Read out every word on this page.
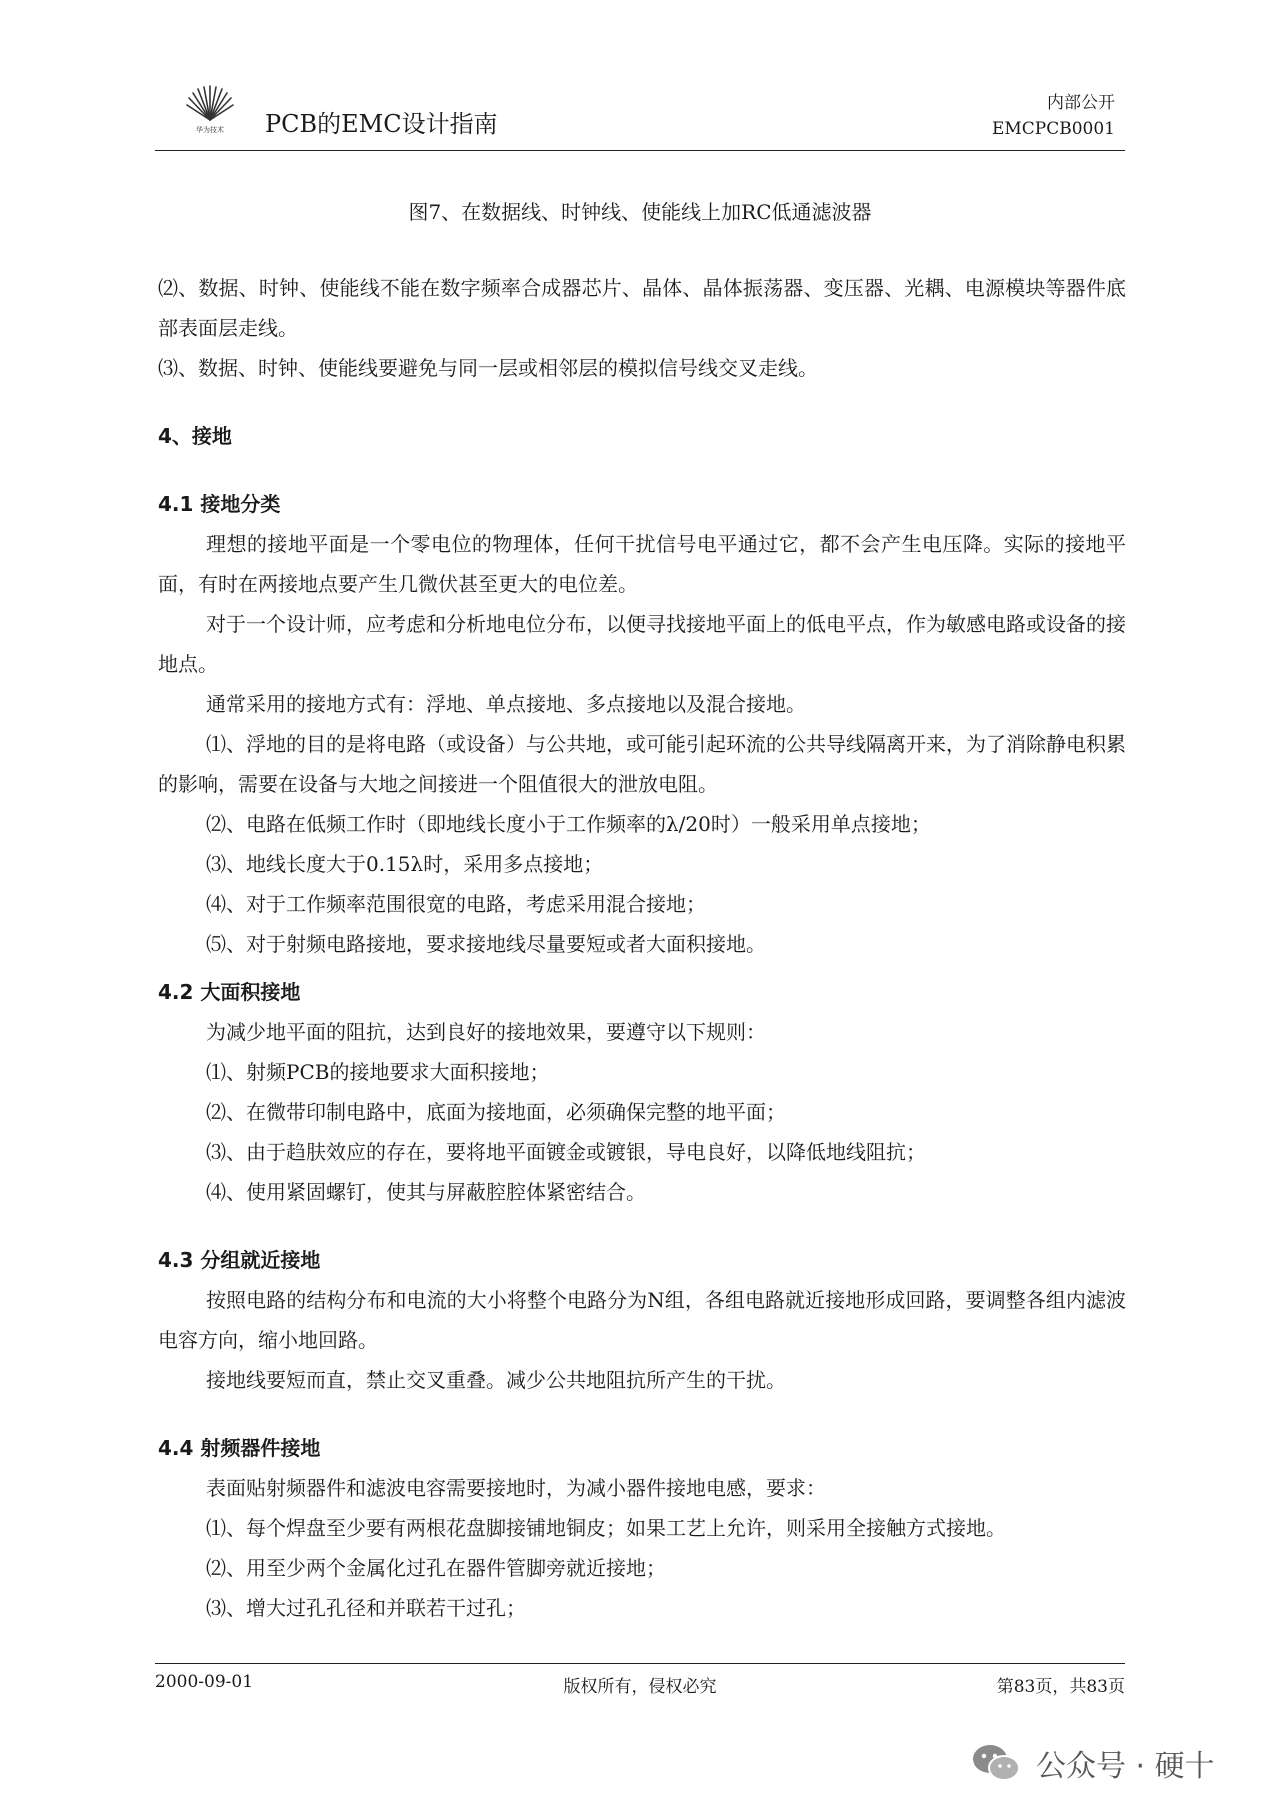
华为技术 PCB的EMC设计指南
内部公开
EMCPCB0001
图7、在数据线、时钟线、使能线上加RC低通滤波器

⑵、数据、时钟、使能线不能在数字频率合成器芯片、晶体、晶体振荡器、变压器、光耦、电源模块等器件底部表面层走线。

⑶、数据、时钟、使能线要避免与同一层或相邻层的模拟信号线交叉走线。

4、接地

4.1 接地分类

理想的接地平面是一个零电位的物理体，任何干扰信号电平通过它，都不会产生电压降。实际的接地平面，有时在两接地点要产生几微伏甚至更大的电位差。

对于一个设计师，应考虑和分析地电位分布，以便寻找接地平面上的低电平点，作为敏感电路或设备的接地点。

通常采用的接地方式有：浮地、单点接地、多点接地以及混合接地。

⑴、浮地的目的是将电路（或设备）与公共地，或可能引起环流的公共导线隔离开来，为了消除静电积累的影响，需要在设备与大地之间接进一个阻值很大的泄放电阻。

⑵、电路在低频工作时（即地线长度小于工作频率的λ/20时）一般采用单点接地；

⑶、地线长度大于0.15λ时，采用多点接地；

⑷、对于工作频率范围很宽的电路，考虑采用混合接地；

⑸、对于射频电路接地，要求接地线尽量要短或者大面积接地。

4.2 大面积接地

为减少地平面的阻抗，达到良好的接地效果，要遵守以下规则：

⑴、射频PCB的接地要求大面积接地；

⑵、在微带印制电路中，底面为接地面，必须确保完整的地平面；

⑶、由于趋肤效应的存在，要将地平面镀金或镀银，导电良好，以降低地线阻抗；

⑷、使用紧固螺钉，使其与屏蔽腔腔体紧密结合。

4.3 分组就近接地

按照电路的结构分布和电流的大小将整个电路分为N组，各组电路就近接地形成回路，要调整各组内滤波电容方向，缩小地回路。

接地线要短而直，禁止交叉重叠。减少公共地阻抗所产生的干扰。

4.4 射频器件接地

表面贴射频器件和滤波电容需要接地时，为减小器件接地电感，要求：

⑴、每个焊盘至少要有两根花盘脚接铺地铜皮；如果工艺上允许，则采用全接触方式接地。

⑵、用至少两个金属化过孔在器件管脚旁就近接地；

⑶、增大过孔孔径和并联若干过孔；

2000-09-01	版权所有，侵权必究	第83页，共83页
公众号 · 硬十
